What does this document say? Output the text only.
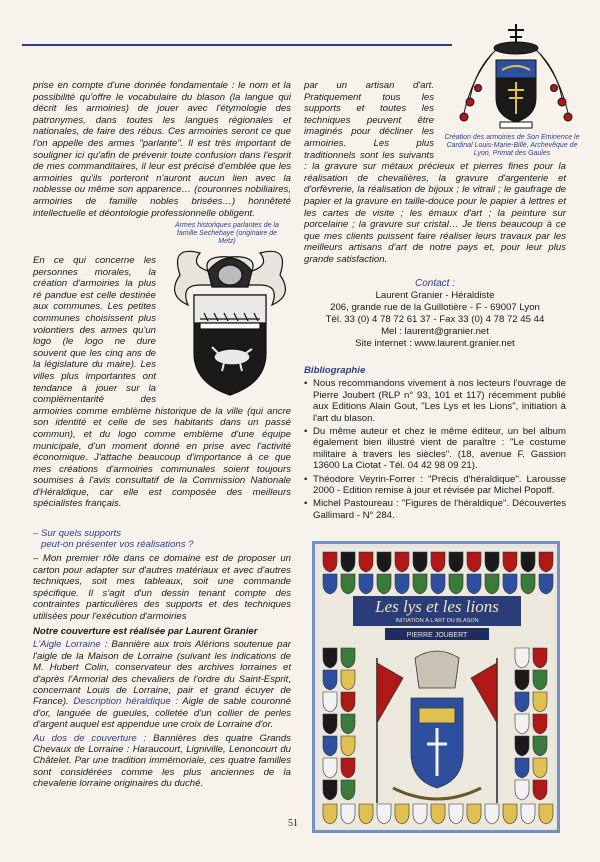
Création des armoiries de Son Eminence le Cardinal Louis-Marie-Billé, Archevêque de Lyon, Primat des Gaules

prise en compte d'une donnée fondamentale : le nom et la possibilité qu'offre le vocabulaire du blason (la langue qui décrit les armoiries) de jouer avec l'étymologie des patronymes, dans toutes les langues régionales et nationales, de faire des rébus. Ces armoiries seront ce que l'on appelle des armes "parlante". Il est très important de souligner ici qu'afin de prévenir toute confusion dans l'esprit de mes commanditaires, il leur est précisé d'emblée que les armoiries qu'ils porteront n'auront aucun lien avec la noblesse ou même son apparence… (couronnes nobiliaires, armoiries de famille nobles brisées…) honnêteté intellectuelle et déontologie professionnelle obligent.

Armes historiques parlantes de la famille Sechehaye (originaire de Metz)

En ce qui concerne les personnes morales, la création d'armoiries la plus ré pandue est celle destinée aux communes. Les petites communes choisissent plus volontiers des armes qu'un logo (le logo ne dure souvent que les cinq ans de la législature du maire). Les villes plus importantes ont tendance à jouer sur la complémentarité des armoiries comme emblème historique de la ville (qui ancre son identité et celle de ses habitants dans un passé commun), et du logo comme emblème d'une équipe municipale, d'un moment donné en prise avec l'activité économique. J'attache beaucoup d'importance à ce que mes créations d'armoiries communales soient toujours soumises à l'avis consultatif de la Commission Nationale d'Héraldique, car elle est composée des meilleurs spécialistes français.

– Sur quels supports
peut-on présenter vos réalisations ?

– Mon premier rôle dans ce domaine est de proposer un carton pour adapter sur d'autres matériaux et avec d'autres techniques, soit mes tableaux, soit une commande spécifique. Il s'agit d'un dessin tenant compte des contraintes particulières des supports et des techniques utilisées pour l'exécution d'armoiries

Notre couverture est réalisée par Laurent Granier

L'Aigle Lorraine : Bannière aux trois Alérions soutenue par l'aigle de la Maison de Lorraine (suivant les indications de M. Hubert Colin, conservateur des archives lorraines et d'après l'Armorial des chevaliers de l'ordre du Saint-Esprit, concernant Louis de Lorraine, pair et grand écuyer de France). Description héraldique : Aigle de sable couronné d'or, languée de gueules, colletée d'un collier de perles d'argent auquel est appendue une croix de Lorraine d'or.

Au dos de couverture : Bannières des quatre Grands Chevaux de Lorraine : Haraucourt, Ligniville, Lenoncourt du Châtelet. Par une tradition immémoriale, ces quatre familles sont considérées comme les plus anciennes de la chevalerie lorraine originaires du duché.

par un artisan d'art. Pratiquement tous les supports et toutes les techniques peuvent être imaginés pour décliner les armoiries. Les plus traditionnels sont les suivants : la gravure sur métaux précieux et pierres fines pour la réalisation de chevalières, la gravure d'argenterie et d'orfèvrerie, la réalisation de bijoux ; le vitrail ; le gaufrage de papier et la gravure en taille-douce pour le papier à lettres et les cartes de visite ; les émaux d'art ; la peinture sur porcelaine ; la gravure sur cristal… Je tiens beaucoup à ce que mes clients puissent faire réaliser leurs travaux par les meilleurs artisans d'art de notre pays et, pour leur plus grande satisfaction.

Contact :
Laurent Granier - Héraldiste
206, grande rue de la Guillotière - F - 69007 Lyon
Tél. 33 (0) 4 78 72 61 37 - Fax 33 (0) 4 78 72 45 44
Mel : laurent@granier.net
Site internet : www.laurent.granier.net
Bibliographie
• Nous recommandons vivement à nos lecteurs l'ouvrage de Pierre Joubert (RLP n° 93, 101 et 117) récemment publié aux Editions Alain Gout, "Les Lys et les Lions", initiation à l'art du blason.
• Du même auteur et chez le même éditeur, un bel album également bien illustré vient de paraître : "Le costume militaire à travers les siècles". (18, avenue F. Gassion 13600 La Ciotat - Tél. 04 42 98 09 21).
• Théodore Veyrin-Forrer : "Précis d'héraldique". Larousse 2000 - Edition remise à jour et révisée par Michel Popoff.
• Michel Pastoureau : "Figures de l'héraldique". Découvertes Gallimard - N° 284.
Les lys et les lions
INITIATION À L'ART DU BLASON
PIERRE JOUBERT
51
